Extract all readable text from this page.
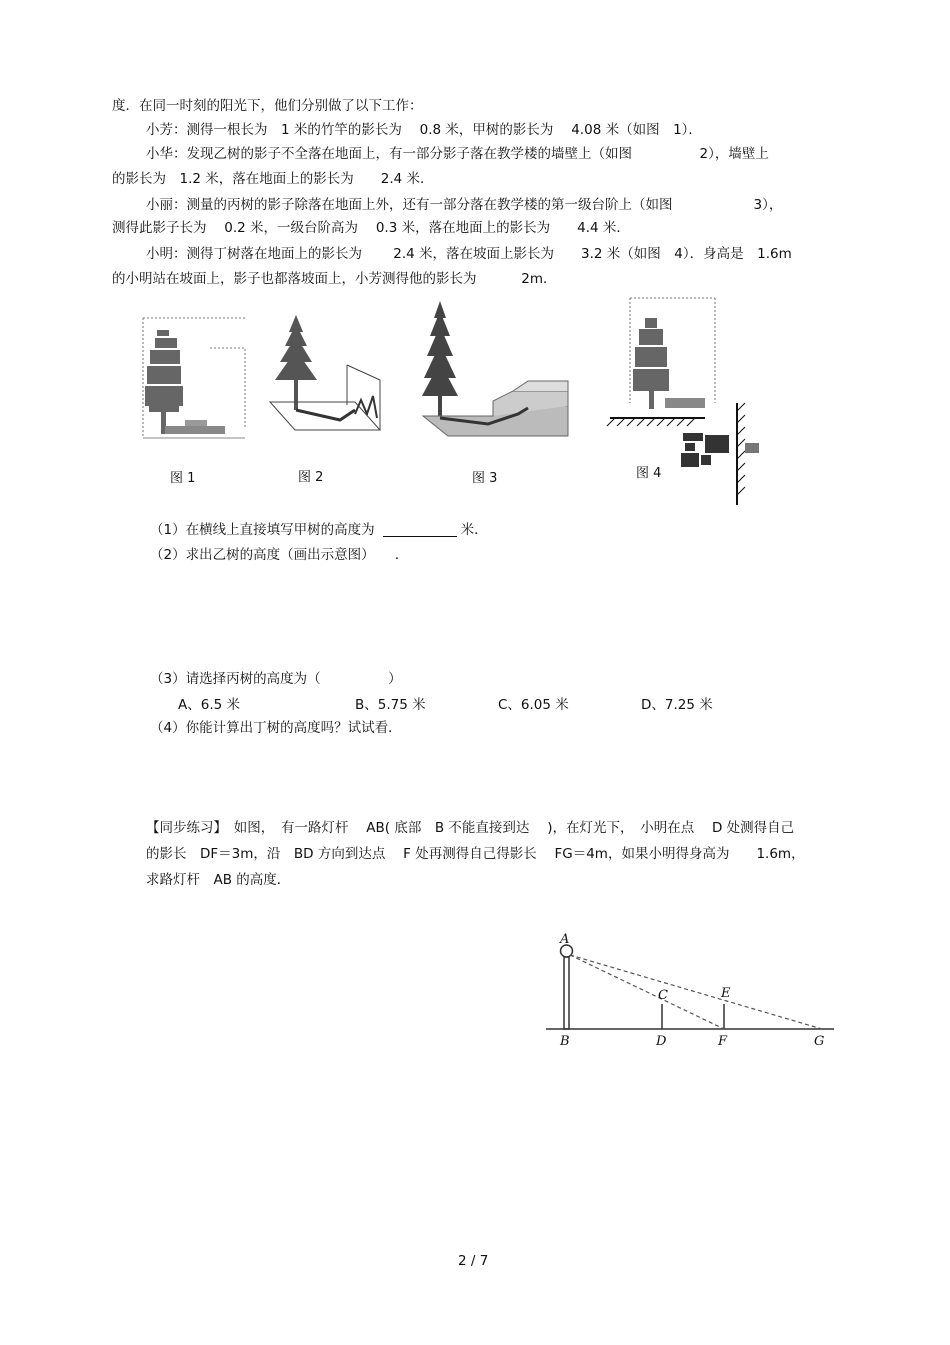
度．在同一时刻的阳光下，他们分别做了以下工作：
小芳：测得一根长为　1 米的竹竿的影长为　 0.8 米，甲树的影长为　 4.08 米（如图　1）．
小华：发现乙树的影子不全落在地面上，有一部分影子落在教学楼的墙壁上（如图　　　　　2），墙壁上
的影长为　1.2 米，落在地面上的影长为　　2.4 米．
小丽：测量的丙树的影子除落在地面上外，还有一部分落在教学楼的第一级台阶上（如图　　　　　　3），
测得此影子长为　 0.2 米，一级台阶高为　 0.3 米，落在地面上的影长为　　4.4 米．
小明：测得丁树落在地面上的影长为　　 2.4 米，落在坡面上影长为　　3.2 米（如图　4）．身高是　1.6m
的小明站在坡面上，影子也都落坡面上，小芳测得他的影长为　　　 2m．
图 1	图 2	图 3	图 4
（1）在横线上直接填写甲树的高度为	米．
（2）求出乙树的高度（画出示意图）　　．
（3）请选择丙树的高度为（　　　　　）
A、6.5 米	B、5.75 米	C、6.05 米	D、7.25 米
（4）你能计算出丁树的高度吗？试试看．
【同步练习】　如图，　有一路灯杆　 AB( 底部　B 不能直接到达　 )，在灯光下，　小明在点　 D 处测得自己
的影长　DF＝3m，沿　BD 方向到达点　 F 处再测得自己得影长　 FG＝4m，如果小明得身高为　　1.6m，
求路灯杆　AB 的高度．
A
B
C
D
E
F	G
2 / 7
